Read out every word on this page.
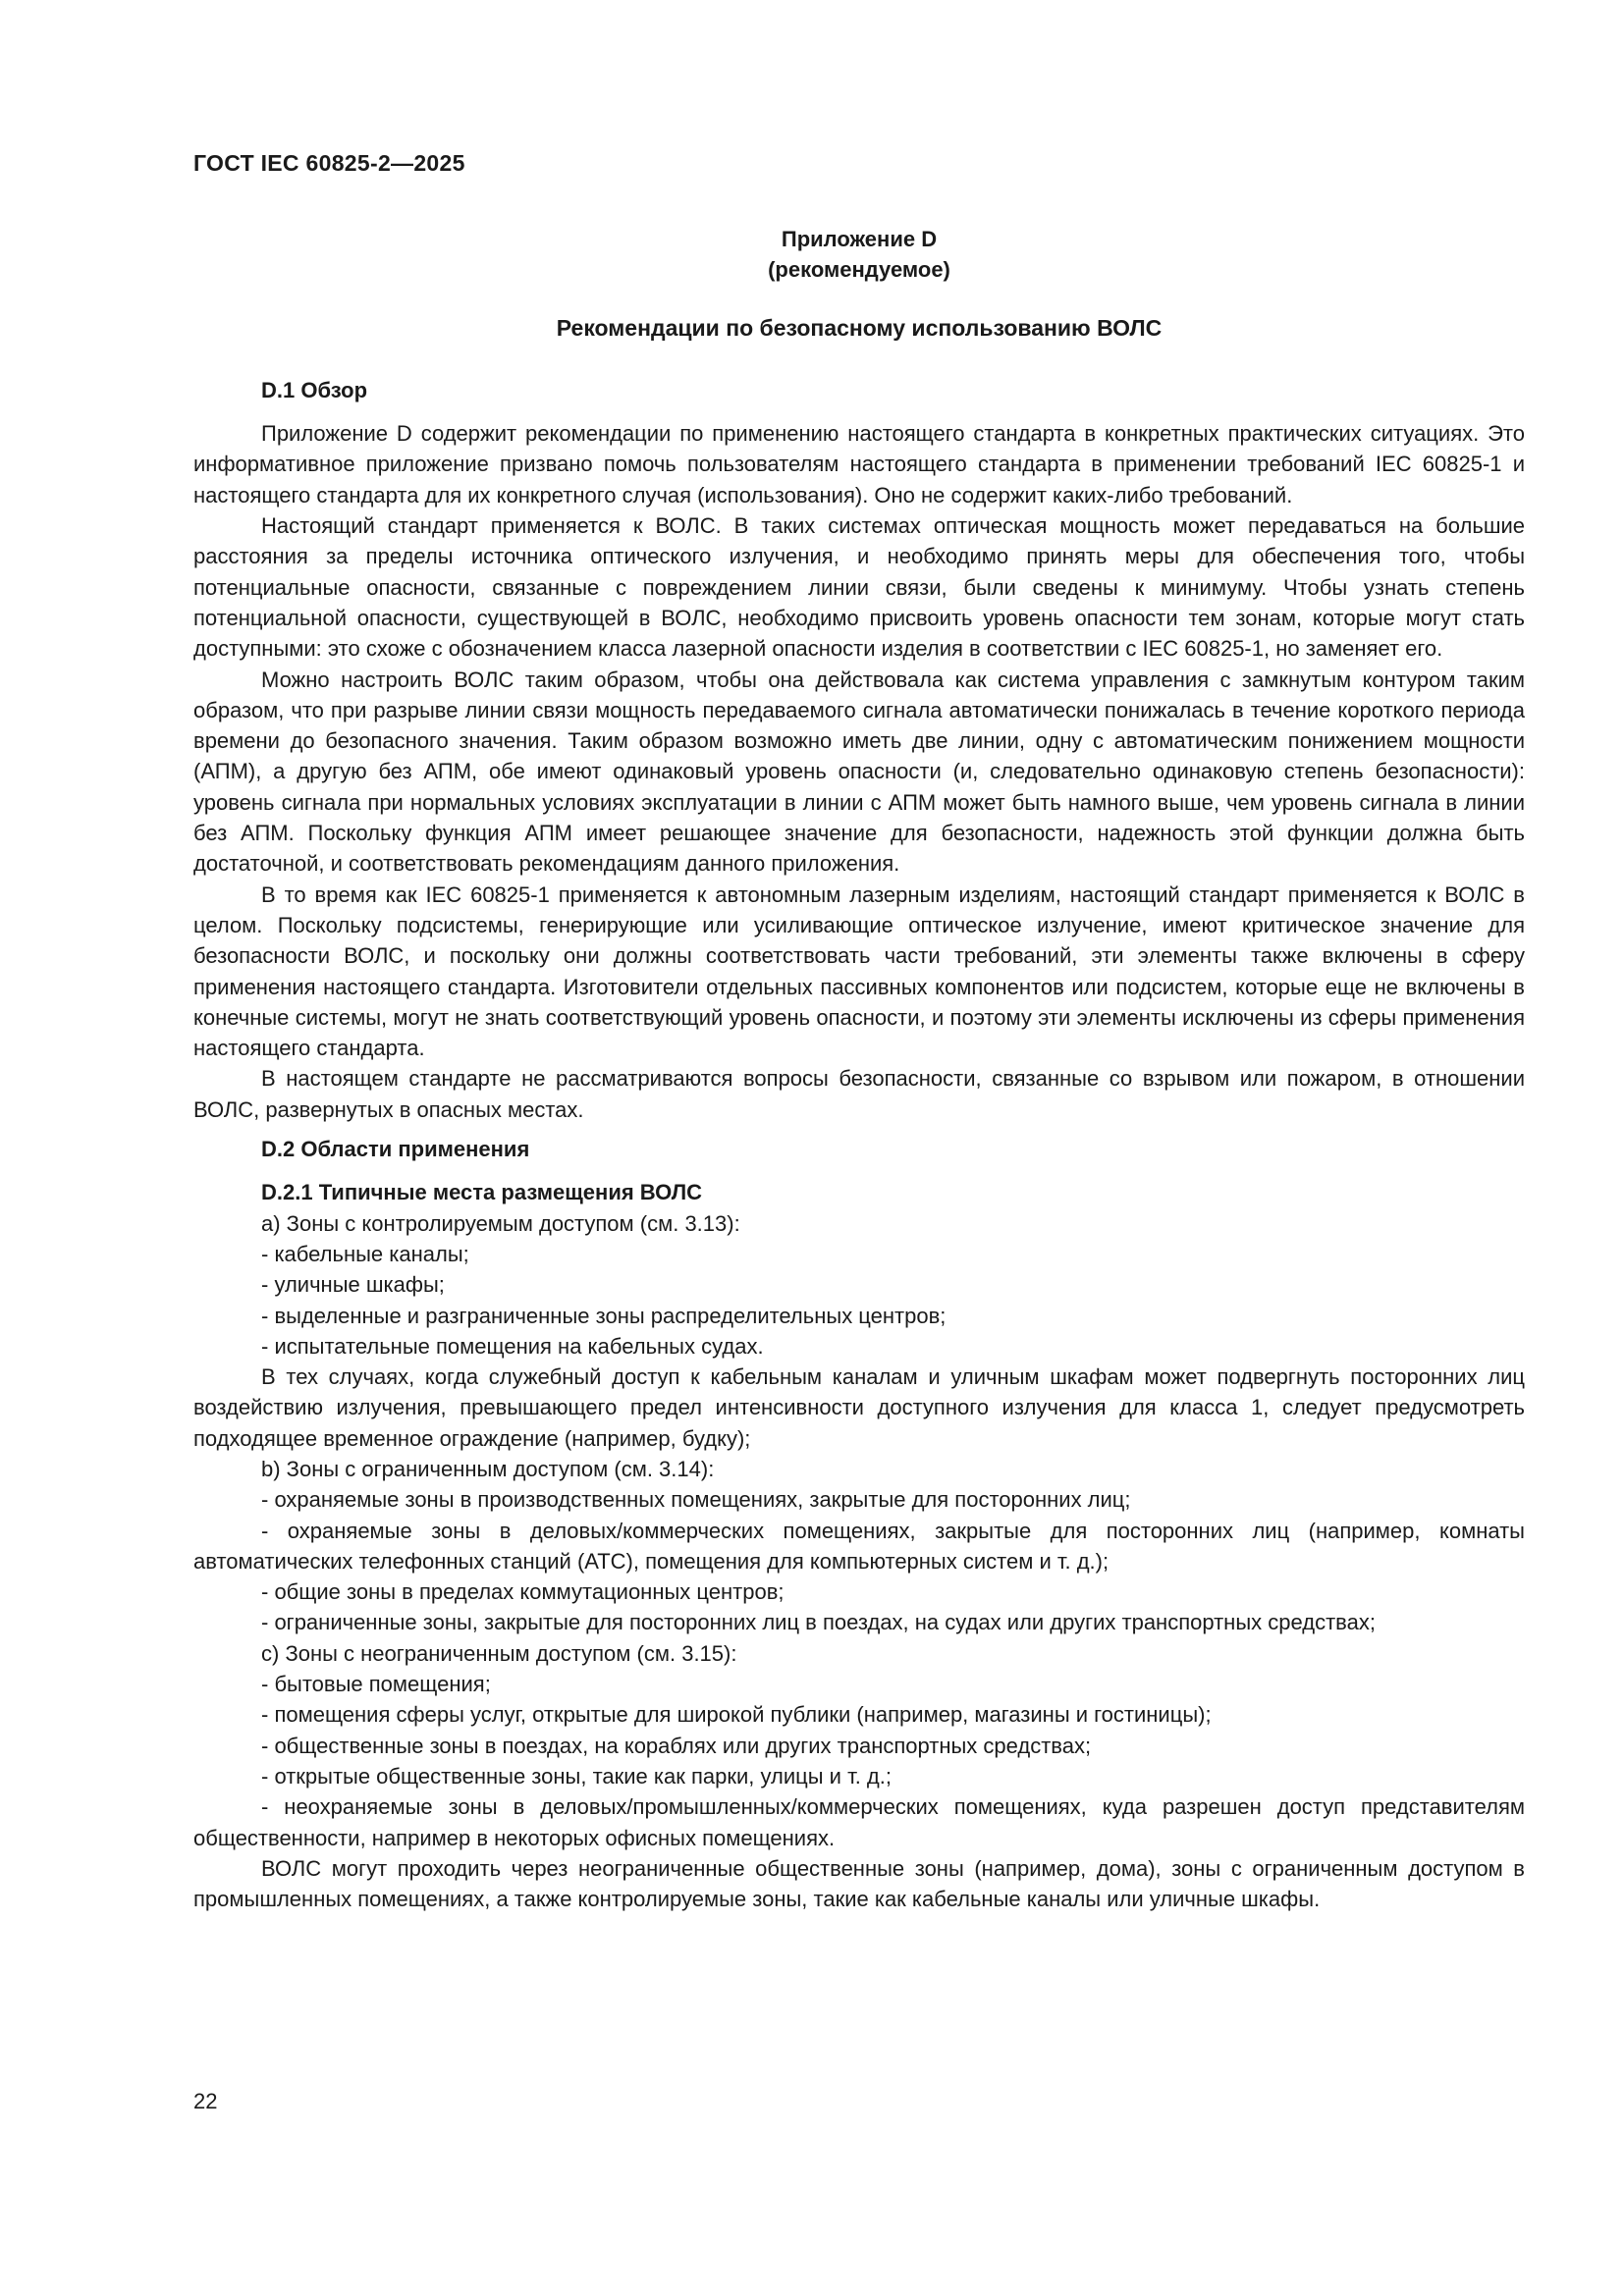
ГОСТ IEC 60825-2—2025
Приложение D
(рекомендуемое)
Рекомендации по безопасному использованию ВОЛС
D.1 Обзор

Приложение D содержит рекомендации по применению настоящего стандарта в конкретных практических ситуациях. Это информативное приложение призвано помочь пользователям настоящего стандарта в применении требований IEC 60825-1 и настоящего стандарта для их конкретного случая (использования). Оно не содержит каких-либо требований.

Настоящий стандарт применяется к ВОЛС. В таких системах оптическая мощность может передаваться на большие расстояния за пределы источника оптического излучения, и необходимо принять меры для обеспечения того, чтобы потенциальные опасности, связанные с повреждением линии связи, были сведены к минимуму. Чтобы узнать степень потенциальной опасности, существующей в ВОЛС, необходимо присвоить уровень опасности тем зонам, которые могут стать доступными: это схоже с обозначением класса лазерной опасности изделия в соответствии с IEC 60825-1, но заменяет его.

Можно настроить ВОЛС таким образом, чтобы она действовала как система управления с замкнутым контуром таким образом, что при разрыве линии связи мощность передаваемого сигнала автоматически понижалась в течение короткого периода времени до безопасного значения. Таким образом возможно иметь две линии, одну с автоматическим понижением мощности (АПМ), а другую без АПМ, обе имеют одинаковый уровень опасности (и, следовательно одинаковую степень безопасности): уровень сигнала при нормальных условиях эксплуатации в линии с АПМ может быть намного выше, чем уровень сигнала в линии без АПМ. Поскольку функция АПМ имеет решающее значение для безопасности, надежность этой функции должна быть достаточной, и соответствовать рекомендациям данного приложения.

В то время как IEC 60825-1 применяется к автономным лазерным изделиям, настоящий стандарт применяется к ВОЛС в целом. Поскольку подсистемы, генерирующие или усиливающие оптическое излучение, имеют критическое значение для безопасности ВОЛС, и поскольку они должны соответствовать части требований, эти элементы также включены в сферу применения настоящего стандарта. Изготовители отдельных пассивных компонентов или подсистем, которые еще не включены в конечные системы, могут не знать соответствующий уровень опасности, и поэтому эти элементы исключены из сферы применения настоящего стандарта.

В настоящем стандарте не рассматриваются вопросы безопасности, связанные со взрывом или пожаром, в отношении ВОЛС, развернутых в опасных местах.

D.2 Области применения
D.2.1 Типичные места размещения ВОЛС
a) Зоны с контролируемым доступом (см. 3.13):
- кабельные каналы;
- уличные шкафы;
- выделенные и разграниченные зоны распределительных центров;
- испытательные помещения на кабельных судах.

В тех случаях, когда служебный доступ к кабельным каналам и уличным шкафам может подвергнуть посторонних лиц воздействию излучения, превышающего предел интенсивности доступного излучения для класса 1, следует предусмотреть подходящее временное ограждение (например, будку);

b) Зоны с ограниченным доступом (см. 3.14):
- охраняемые зоны в производственных помещениях, закрытые для посторонних лиц;
- охраняемые зоны в деловых/коммерческих помещениях, закрытые для посторонних лиц (например, комнаты автоматических телефонных станций (АТС), помещения для компьютерных систем и т. д.);
- общие зоны в пределах коммутационных центров;
- ограниченные зоны, закрытые для посторонних лиц в поездах, на судах или других транспортных средствах;
c) Зоны с неограниченным доступом (см. 3.15):
- бытовые помещения;
- помещения сферы услуг, открытые для широкой публики (например, магазины и гостиницы);
- общественные зоны в поездах, на кораблях или других транспортных средствах;
- открытые общественные зоны, такие как парки, улицы и т. д.;
- неохраняемые зоны в деловых/промышленных/коммерческих помещениях, куда разрешен доступ представителям общественности, например в некоторых офисных помещениях.

ВОЛС могут проходить через неограниченные общественные зоны (например, дома), зоны с ограниченным доступом в промышленных помещениях, а также контролируемые зоны, такие как кабельные каналы или уличные шкафы.

22
